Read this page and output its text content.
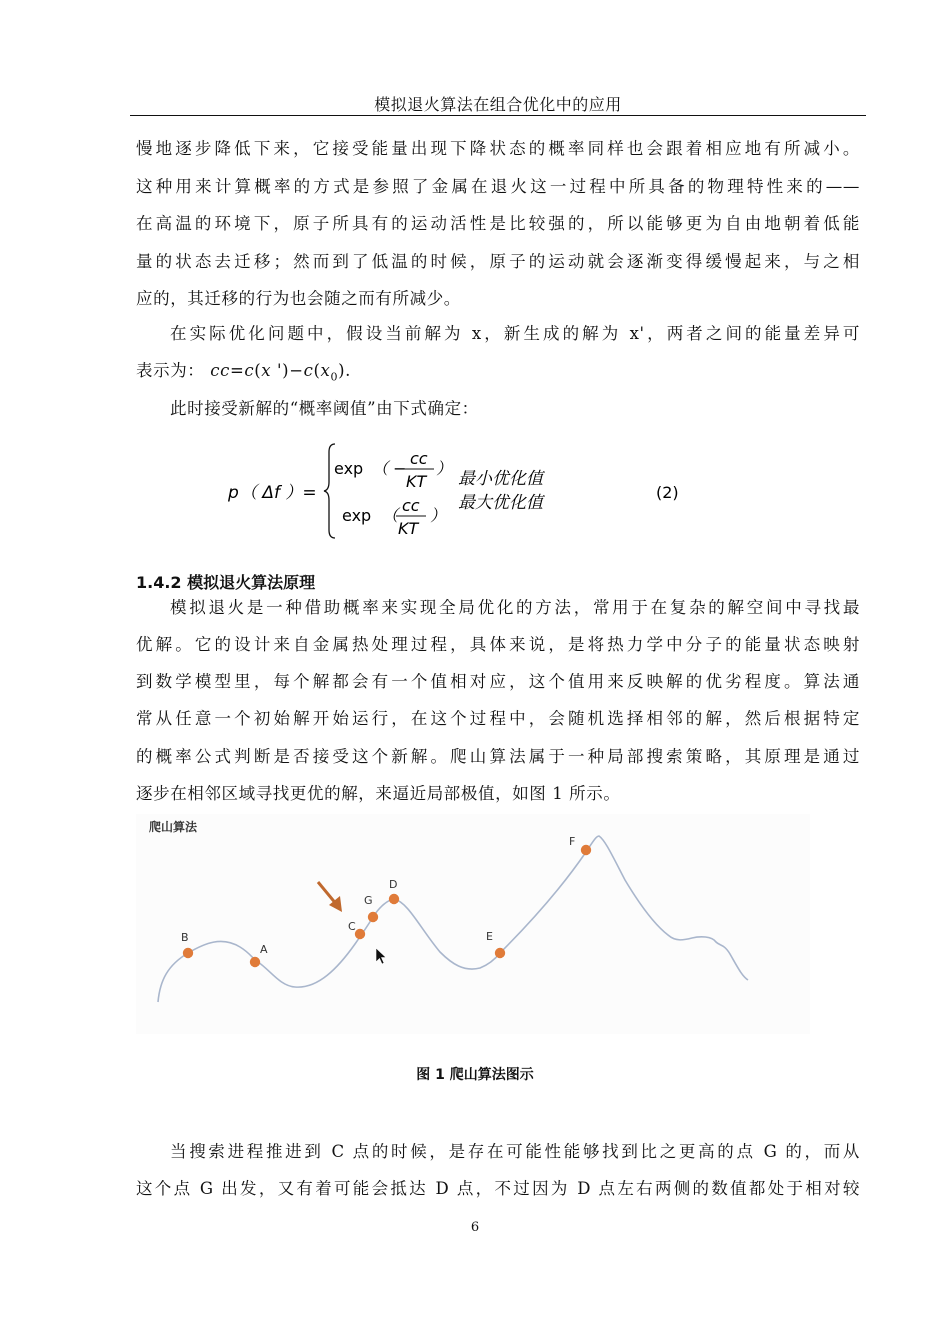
模拟退火算法在组合优化中的应用
慢地逐步降低下来，它接受能量出现下降状态的概率同样也会跟着相应地有所减小。
这种用来计算概率的方式是参照了金属在退火这一过程中所具备的物理特性来的——
在高温的环境下，原子所具有的运动活性是比较强的，所以能够更为自由地朝着低能
量的状态去迁移；然而到了低温的时候，原子的运动就会逐渐变得缓慢起来，与之相
应的，其迁移的行为也会随之而有所减少。
在实际优化问题中，假设当前解为 x，新生成的解为 x'，两者之间的能量差异可
表示为： cc=c(x ')$-c(x_0)$.
此时接受新解的“概率阈值”由下式确定：
p （ Δf ）=
exp （ −
cc
KT
）
最小优化值
exp （
cc
KT
）
最大优化值
(2)
1.4.2 模拟退火算法原理
模拟退火是一种借助概率来实现全局优化的方法，常用于在复杂的解空间中寻找最
优解。它的设计来自金属热处理过程，具体来说，是将热力学中分子的能量状态映射
到数学模型里，每个解都会有一个值相对应，这个值用来反映解的优劣程度。算法通
常从任意一个初始解开始运行，在这个过程中，会随机选择相邻的解，然后根据特定
的概率公式判断是否接受这个新解。爬山算法属于一种局部搜索策略，其原理是通过
逐步在相邻区域寻找更优的解，来逼近局部极值，如图 1 所示。
爬山算法
B
A
C
G
D
E
F
图 1 爬山算法图示
当搜索进程推进到 C 点的时候，是存在可能性能够找到比之更高的点 G 的，而从
这个点 G 出发，又有着可能会抵达 D 点，不过因为 D 点左右两侧的数值都处于相对较
6
